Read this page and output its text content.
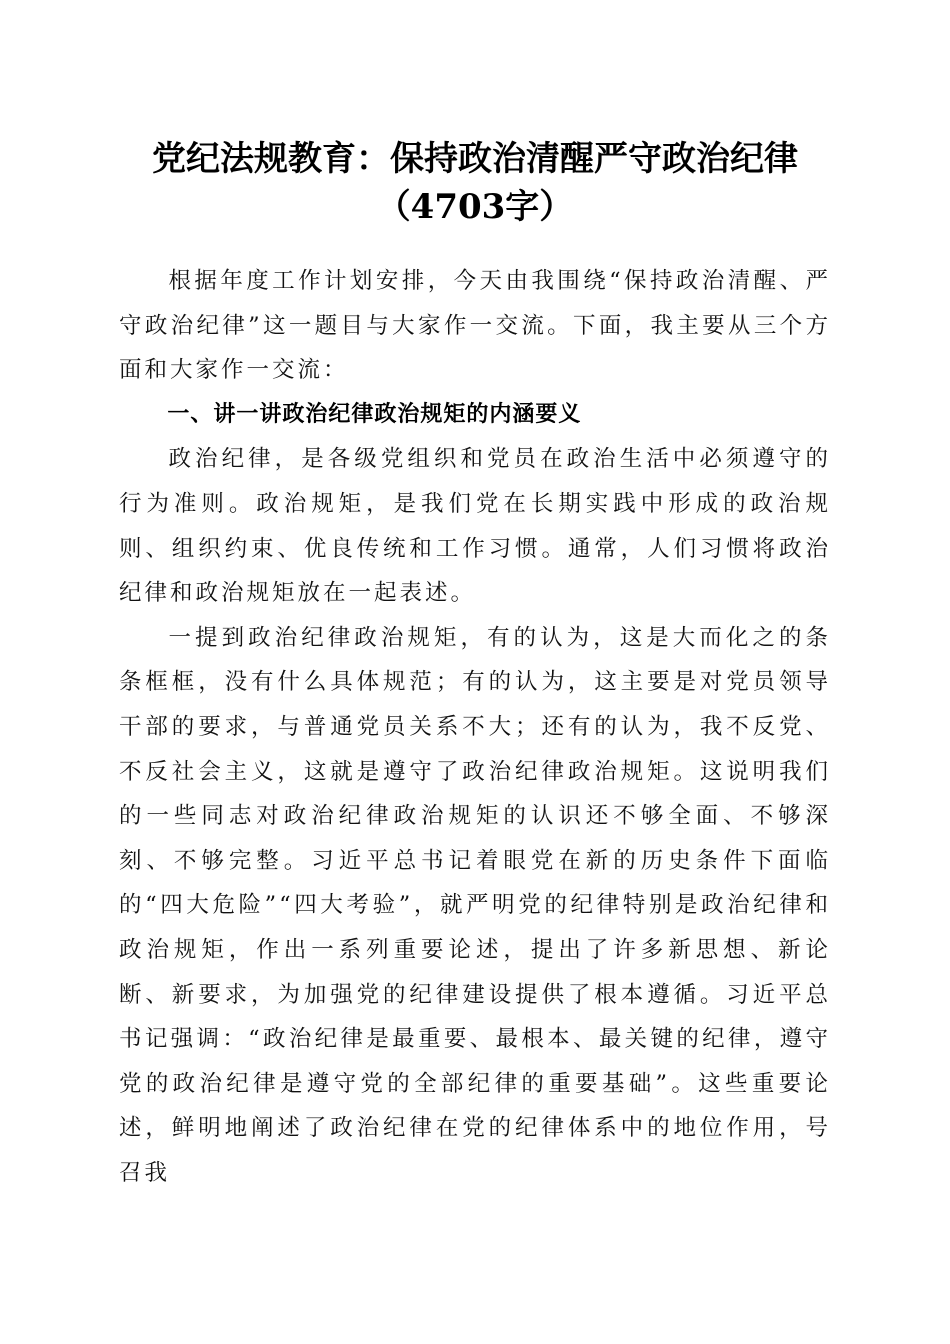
党纪法规教育：保持政治清醒严守政治纪律
（4703字）

根据年度工作计划安排，今天由我围绕“保持政治清醒、严守政治纪律”这一题目与大家作一交流。下面，我主要从三个方面和大家作一交流：

一、讲一讲政治纪律政治规矩的内涵要义

政治纪律，是各级党组织和党员在政治生活中必须遵守的行为准则。政治规矩，是我们党在长期实践中形成的政治规则、组织约束、优良传统和工作习惯。通常，人们习惯将政治纪律和政治规矩放在一起表述。

一提到政治纪律政治规矩，有的认为，这是大而化之的条条框框，没有什么具体规范；有的认为，这主要是对党员领导干部的要求，与普通党员关系不大；还有的认为，我不反党、不反社会主义，这就是遵守了政治纪律政治规矩。这说明我们的一些同志对政治纪律政治规矩的认识还不够全面、不够深刻、不够完整。习近平总书记着眼党在新的历史条件下面临的“四大危险”“四大考验”，就严明党的纪律特别是政治纪律和政治规矩，作出一系列重要论述，提出了许多新思想、新论断、新要求，为加强党的纪律建设提供了根本遵循。习近平总书记强调：“政治纪律是最重要、最根本、最关键的纪律，遵守党的政治纪律是遵守党的全部纪律的重要基础”。这些重要论述，鲜明地阐述了政治纪律在党的纪律体系中的地位作用，号召我
